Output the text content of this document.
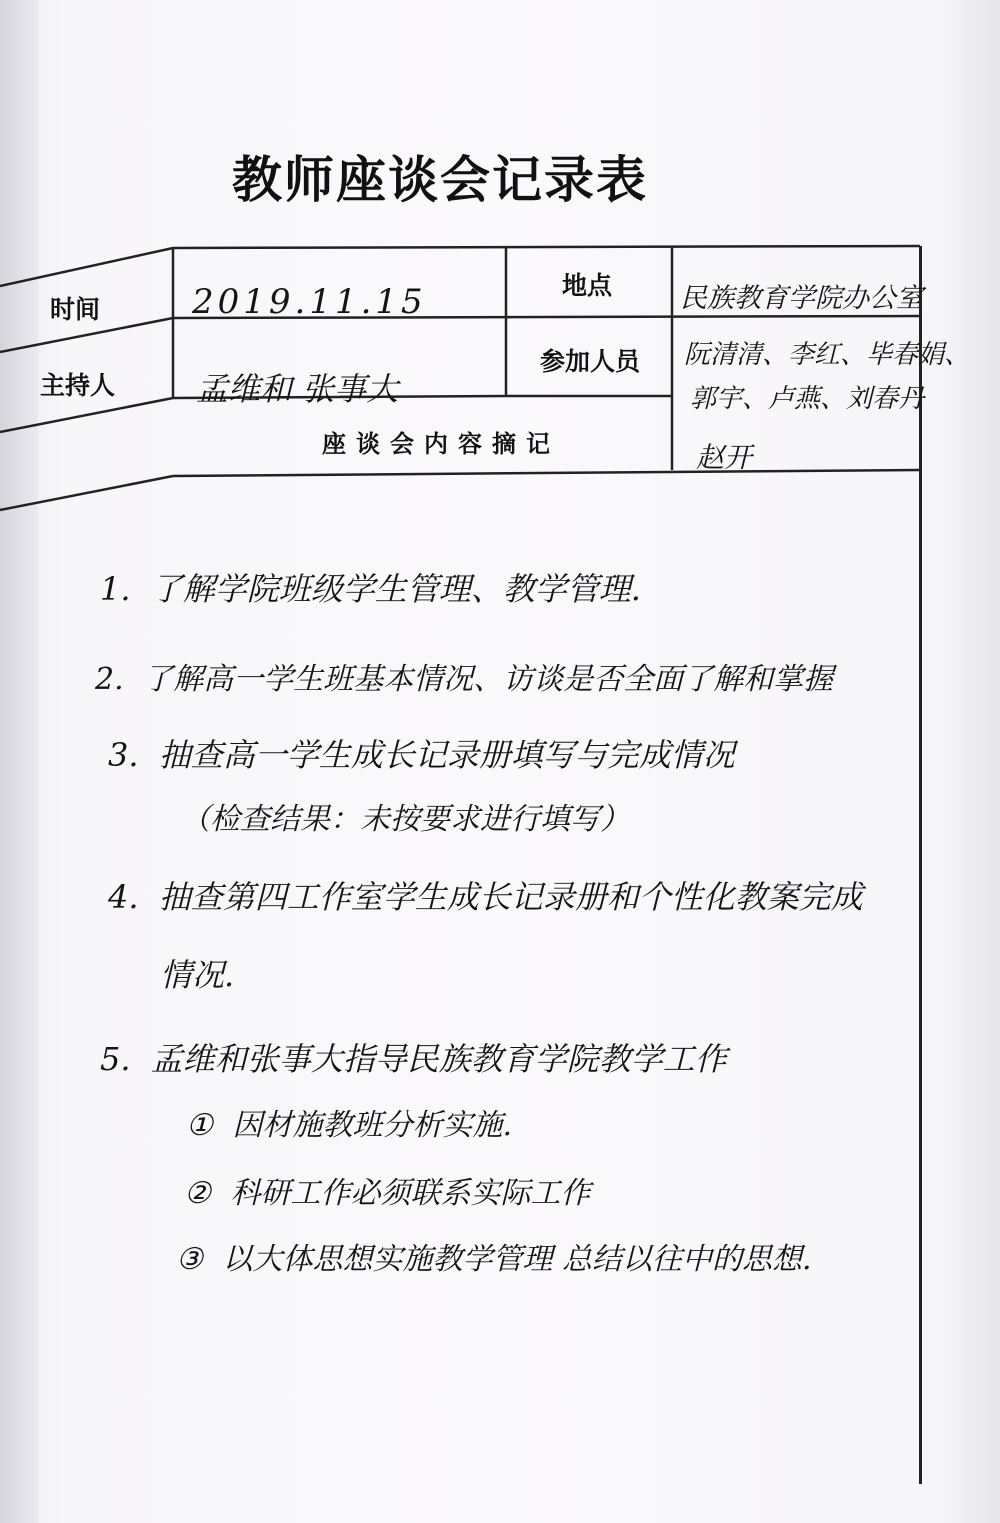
教师座谈会记录表
时间
地点
主持人
参加人员
座谈会内容摘记
2019.11.15	民族教育学院办公室
孟维和 张事大
阮清清、李红、毕春娟、
郭宇、卢燕、刘春丹
赵开
1. 了解学院班级学生管理、教学管理.
2. 了解高一学生班基本情况、访谈是否全面了解和掌握
3. 抽查高一学生成长记录册填写与完成情况
（检查结果：未按要求进行填写）
4. 抽查第四工作室学生成长记录册和个性化教案完成
情况.
5. 孟维和张事大指导民族教育学院教学工作
① 因材施教班分析实施.
② 科研工作必须联系实际工作
③ 以大体思想实施教学管理 总结以往中的思想.
